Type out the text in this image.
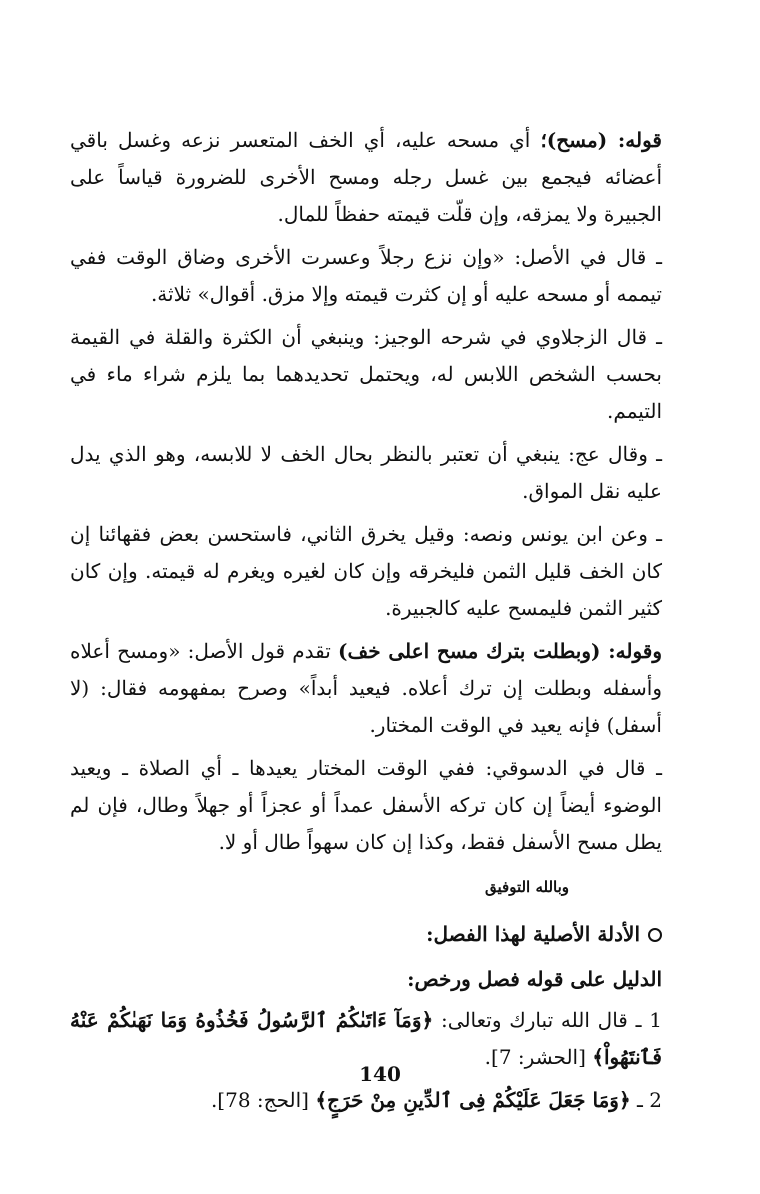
قوله: (مسح)؛ أي مسحه عليه، أي الخف المتعسر نزعه وغسل باقي أعضائه فيجمع بين غسل رجله ومسح الأخرى للضرورة قياساً على الجبيرة ولا يمزقه، وإن قلّت قيمته حفظاً للمال.

ـ قال في الأصل: «وإن نزع رجلاً وعسرت الأخرى وضاق الوقت ففي تيممه أو مسحه عليه أو إن كثرت قيمته وإلا مزق. أقوال» ثلاثة.

ـ قال الزجلاوي في شرحه الوجيز: وينبغي أن الكثرة والقلة في القيمة بحسب الشخص اللابس له، ويحتمل تحديدهما بما يلزم شراء ماء في التيمم.

ـ وقال عج: ينبغي أن تعتبر بالنظر بحال الخف لا للابسه، وهو الذي يدل عليه نقل المواق.

ـ وعن ابن يونس ونصه: وقيل يخرق الثاني، فاستحسن بعض فقهائنا إن كان الخف قليل الثمن فليخرقه وإن كان لغيره ويغرم له قيمته. وإن كان كثير الثمن فليمسح عليه كالجبيرة.

وقوله: (وبطلت بترك مسح اعلى خف) تقدم قول الأصل: «ومسح أعلاه وأسفله وبطلت إن ترك أعلاه. فيعيد أبداً» وصرح بمفهومه فقال: (لا أسفل) فإنه يعيد في الوقت المختار.

ـ قال في الدسوقي: ففي الوقت المختار يعيدها ـ أي الصلاة ـ ويعيد الوضوء أيضاً إن كان تركه الأسفل عمداً أو عجزاً أو جهلاً وطال، فإن لم يطل مسح الأسفل فقط، وكذا إن كان سهواً طال أو لا.

وبالله التوفيق
الأدلة الأصلية لهذا الفصل:
الدليل على قوله فصل ورخص:

1 ـ قال الله تبارك وتعالى: ﴿وَمَآ ءَاتَىٰكُمُ ٱلرَّسُولُ فَخُذُوهُ وَمَا نَهَىٰكُمْ عَنْهُ فَٱنتَهُواْ﴾ [الحشر: 7].

2 ـ ﴿وَمَا جَعَلَ عَلَيْكُمْ فِى ٱلدِّينِ مِنْ حَرَجٍ﴾ [الحج: 78].

140
